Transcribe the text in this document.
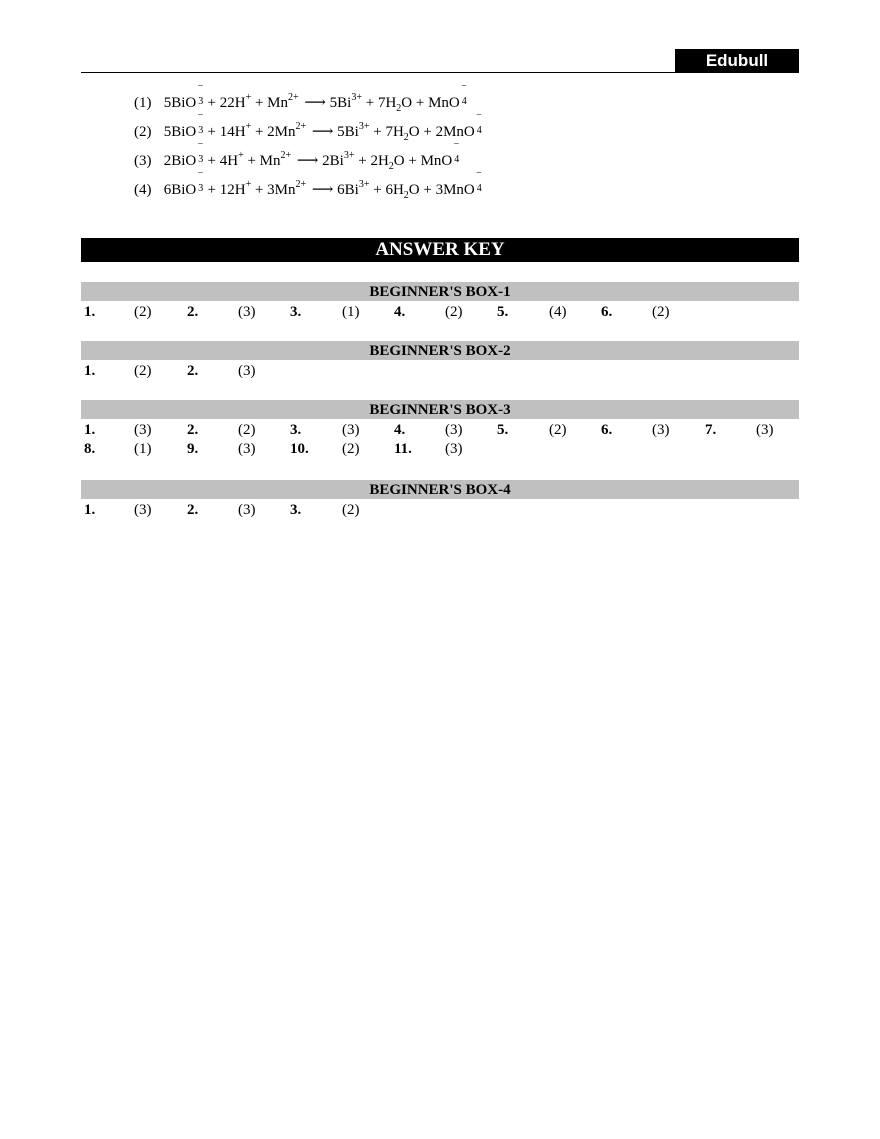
Edubull
(1) 5BiO
−
$3 + 22H^+ + Mn^{2+}$ ⟶ $5Bi^{3+} + 7H_2O$ + MnO
−
4
(2) 5BiO
−
$3 + 14H^+ + 2Mn^{2+}$ ⟶ $5Bi^{3+} + 7H_2O + 2MnO$
−
4
(3) 2BiO
−
$3 + 4H^+ + Mn^{2+}$ ⟶ $2Bi^{3+} + 2H_2O$ + MnO
−
4
(4) 6BiO
−
$3 + 12H^+ + 3Mn^{2+}$ ⟶ $6Bi^{3+} + 6H_2O + 3MnO$
−
4
ANSWER KEY
BEGINNER'S BOX-1
1.	(2) 2.	(3) 3.	(1) 4.	(2) 5.	(4) 6.	(2)
BEGINNER'S BOX-2
1.	(2) 2.	(3)
BEGINNER'S BOX-3
1.	(3) 2.	(2) 3.	(3) 4.	(3) 5.	(2) 6.	(3) 7.	(3)
8.	(1) 9.	(3) 10. (2) 11. (3)
BEGINNER'S BOX-4
1.	(3) 2.	(3) 3.	(2)
